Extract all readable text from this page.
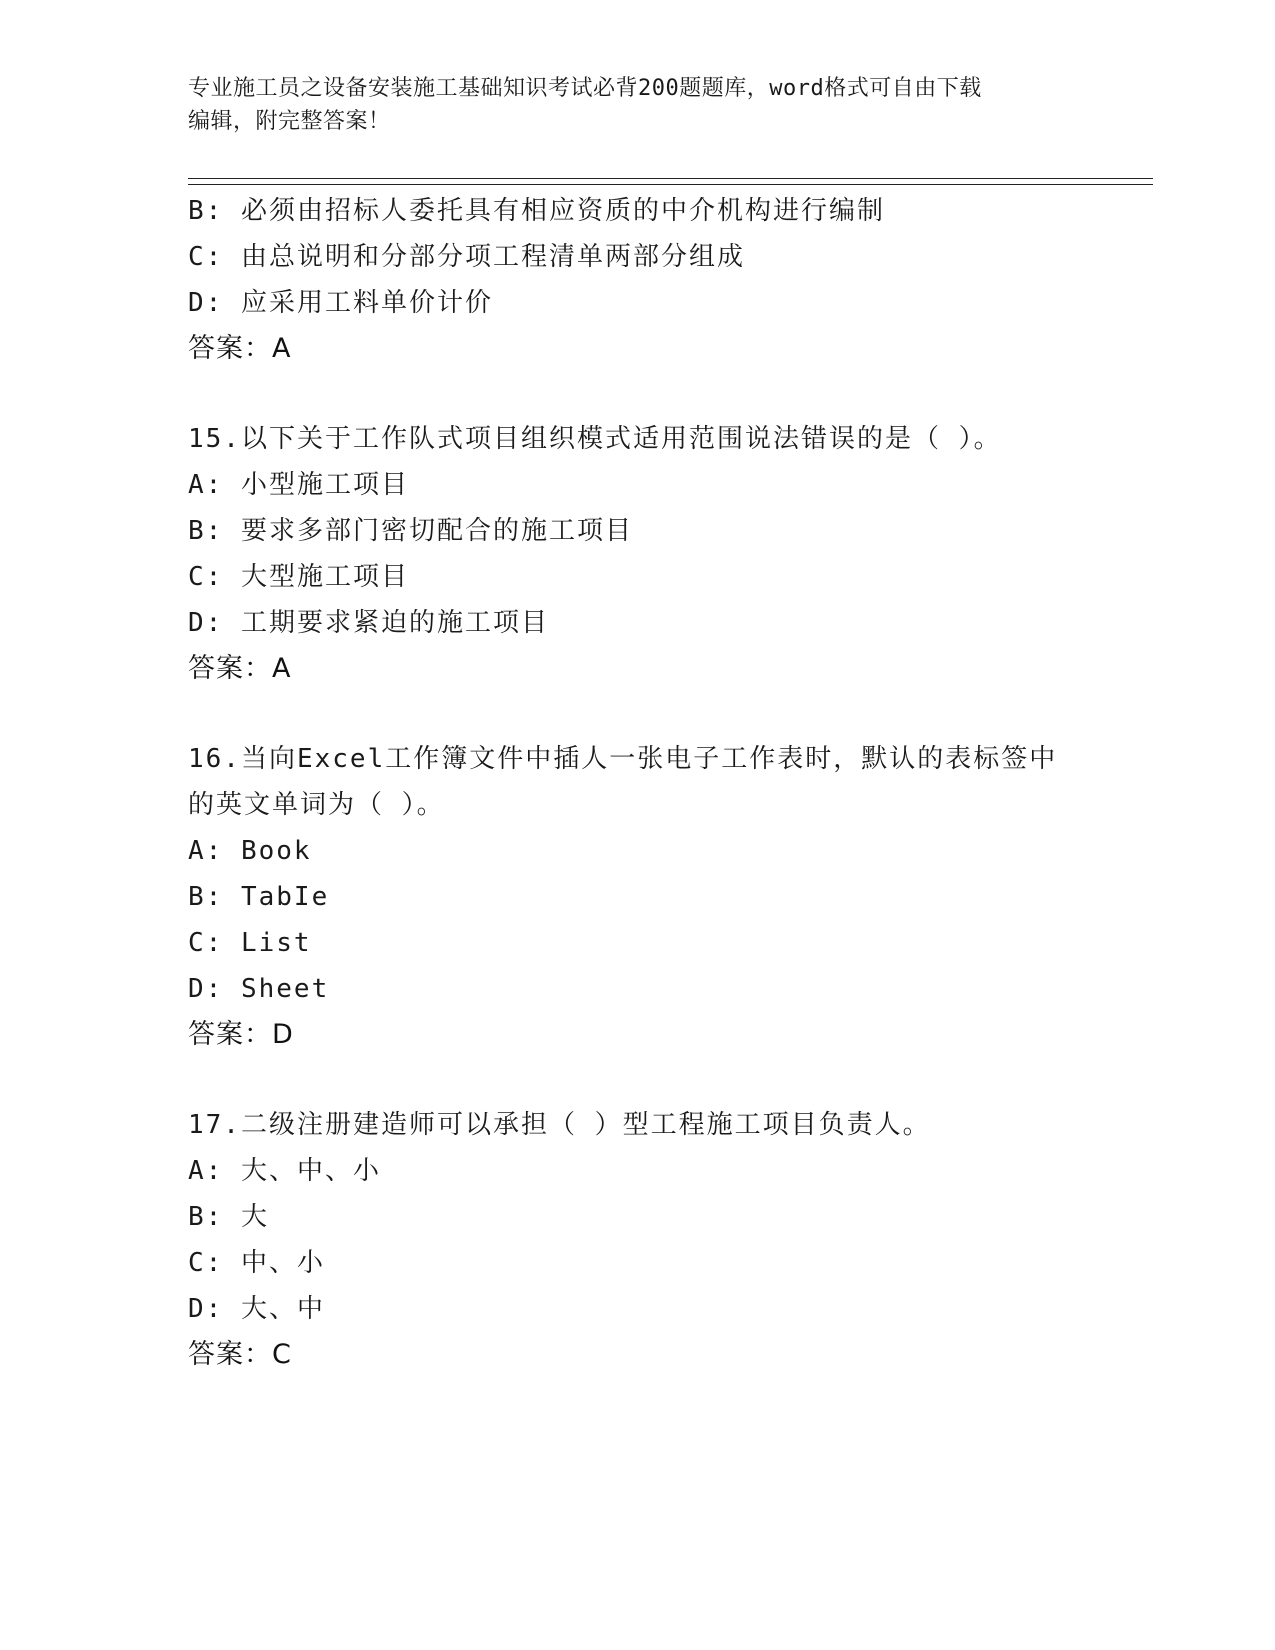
专业施工员之设备安装施工基础知识考试必背200题题库，word格式可自由下载
编辑，附完整答案！
B: 必须由招标人委托具有相应资质的中介机构进行编制
C: 由总说明和分部分项工程清单两部分组成
D: 应采用工料单价计价
答案：A
15.以下关于工作队式项目组织模式适用范围说法错误的是（ ）。
A: 小型施工项目
B: 要求多部门密切配合的施工项目
C: 大型施工项目
D: 工期要求紧迫的施工项目
答案：A
16.当向Excel工作簿文件中插人一张电子工作表时，默认的表标签中
的英文单词为（ ）。
A: Book
B: TabIe
C: List
D: Sheet
答案：D
17.二级注册建造师可以承担（ ）型工程施工项目负责人。
A: 大、中、小
B: 大
C: 中、小
D: 大、中
答案：C
